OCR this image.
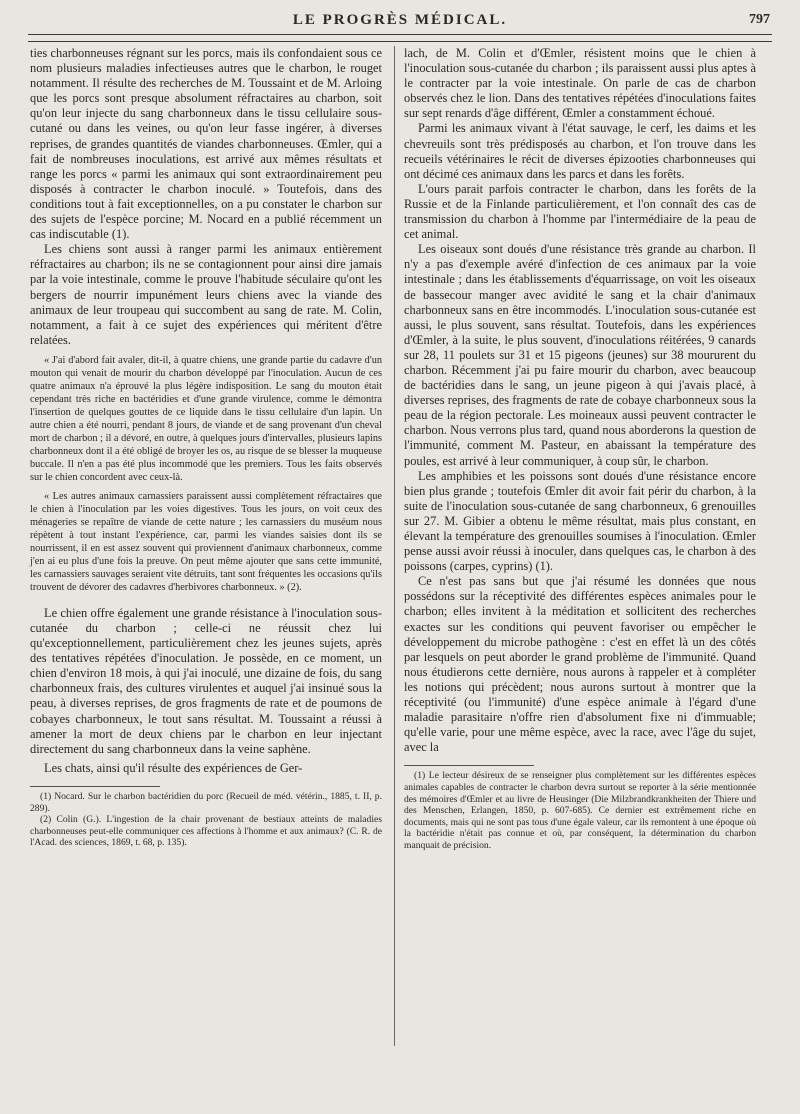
LE PROGRÈS MÉDICAL.	797

ties charbonneuses régnant sur les porcs, mais ils confondaient sous ce nom plusieurs maladies infectieuses autres que le charbon, le rouget notamment. Il résulte des recherches de M. Toussaint et de M. Arloing que les porcs sont presque absolument réfractaires au charbon, soit qu'on leur injecte du sang charbonneux dans le tissu cellulaire sous-cutané ou dans les veines, ou qu'on leur fasse ingérer, à diverses reprises, de grandes quantités de viandes charbonneuses. Œmler, qui a fait de nombreuses inoculations, est arrivé aux mêmes résultats et range les porcs « parmi les animaux qui sont extraordinairement peu disposés à contracter le charbon inoculé. » Toutefois, dans des conditions tout à fait exceptionnelles, on a pu constater le charbon sur des sujets de l'espèce porcine; M. Nocard en a publié récemment un cas indiscutable (1).

Les chiens sont aussi à ranger parmi les animaux entièrement réfractaires au charbon; ils ne se contagionnent pour ainsi dire jamais par la voie intestinale, comme le prouve l'habitude séculaire qu'ont les bergers de nourrir impunément leurs chiens avec la viande des animaux de leur troupeau qui succombent au sang de rate. M. Colin, notamment, a fait à ce sujet des expériences qui méritent d'être relatées.

« J'ai d'abord fait avaler, dit-il, à quatre chiens, une grande partie du cadavre d'un mouton qui venait de mourir du charbon développé par l'inoculation. Aucun de ces quatre animaux n'a éprouvé la plus légère indisposition. Le sang du mouton était cependant très riche en bactéridies et d'une grande virulence, comme le démontra l'insertion de quelques gouttes de ce liquide dans le tissu cellulaire d'un lapin. Un autre chien a été nourri, pendant 8 jours, de viande et de sang provenant d'un cheval mort de charbon ; il a dévoré, en outre, à quelques jours d'intervalles, plusieurs lapins charbonneux dont il a été obligé de broyer les os, au risque de se blesser la muqueuse buccale. Il n'en a pas été plus incommodé que les premiers. Tous les faits observés sur le chien concordent avec ceux-là.

« Les autres animaux carnassiers paraissent aussi complètement réfractaires que le chien à l'inoculation par les voies digestives. Tous les jours, on voit ceux des ménageries se repaître de viande de cette nature ; les carnassiers du muséum nous répètent à tout instant l'expérience, car, parmi les viandes saisies dont ils se nourrissent, il en est assez souvent qui proviennent d'animaux charbonneux, comme j'en ai eu plus d'une fois la preuve. On peut même ajouter que sans cette immunité, les carnassiers sauvages seraient vite détruits, tant sont fréquentes les occasions qu'ils trouvent de dévorer des cadavres d'herbivores charbonneux. » (2).

Le chien offre également une grande résistance à l'inoculation sous-cutanée du charbon ; celle-ci ne réussit chez lui qu'exceptionnellement, particulièrement chez les jeunes sujets, après des tentatives répétées d'inoculation. Je possède, en ce moment, un chien d'environ 18 mois, à qui j'ai inoculé, une dizaine de fois, du sang charbonneux frais, des cultures virulentes et auquel j'ai insinué sous la peau, à diverses reprises, de gros fragments de rate et de poumons de cobayes charbonneux, le tout sans résultat. M. Toussaint a réussi à amener la mort de deux chiens par le charbon en leur injectant directement du sang charbonneux dans la veine saphène.

Les chats, ainsi qu'il résulte des expériences de Ger-

(1) Nocard. Sur le charbon bactéridien du porc (Recueil de méd. vétérin., 1885, t. II, p. 289).

(2) Colin (G.). L'ingestion de la chair provenant de bestiaux atteints de maladies charbonneuses peut-elle communiquer ces affections à l'homme et aux animaux? (C. R. de l'Acad. des sciences, 1869, t. 68, p. 135).

lach, de M. Colin et d'Œmler, résistent moins que le chien à l'inoculation sous-cutanée du charbon ; ils paraissent aussi plus aptes à le contracter par la voie intestinale. On parle de cas de charbon observés chez le lion. Dans des tentatives répétées d'inoculations faites sur sept renards d'âge différent, Œmler a constamment échoué.

Parmi les animaux vivant à l'état sauvage, le cerf, les daims et les chevreuils sont très prédisposés au charbon, et l'on trouve dans les recueils vétérinaires le récit de diverses épizooties charbonneuses qui ont décimé ces animaux dans les parcs et dans les forêts.

L'ours parait parfois contracter le charbon, dans les forêts de la Russie et de la Finlande particulièrement, et l'on connaît des cas de transmission du charbon à l'homme par l'intermédiaire de la peau de cet animal.

Les oiseaux sont doués d'une résistance très grande au charbon. Il n'y a pas d'exemple avéré d'infection de ces animaux par la voie intestinale ; dans les établissements d'équarrissage, on voit les oiseaux de bassecour manger avec avidité le sang et la chair d'animaux charbonneux sans en être incommodés. L'inoculation sous-cutanée est aussi, le plus souvent, sans résultat. Toutefois, dans les expériences d'Œmler, à la suite, le plus souvent, d'inoculations réitérées, 9 canards sur 28, 11 poulets sur 31 et 15 pigeons (jeunes) sur 38 moururent du charbon. Récemment j'ai pu faire mourir du charbon, avec beaucoup de bactéridies dans le sang, un jeune pigeon à qui j'avais placé, à diverses reprises, des fragments de rate de cobaye charbonneux sous la peau de la région pectorale. Les moineaux aussi peuvent contracter le charbon. Nous verrons plus tard, quand nous aborderons la question de l'immunité, comment M. Pasteur, en abaissant la température des poules, est arrivé à leur communiquer, à coup sûr, le charbon.

Les amphibies et les poissons sont doués d'une résistance encore bien plus grande ; toutefois Œmler dit avoir fait périr du charbon, à la suite de l'inoculation sous-cutanée de sang charbonneux, 6 grenouilles sur 27. M. Gibier a obtenu le même résultat, mais plus constant, en élevant la température des grenouilles soumises à l'inoculation. Œmler pense aussi avoir réussi à inoculer, dans quelques cas, le charbon à des poissons (carpes, cyprins) (1).

Ce n'est pas sans but que j'ai résumé les données que nous possédons sur la réceptivité des différentes espèces animales pour le charbon; elles invitent à la méditation et sollicitent des recherches exactes sur les conditions qui peuvent favoriser ou empêcher le développement du microbe pathogène : c'est en effet là un des côtés par lesquels on peut aborder le grand problème de l'immunité. Quand nous étudierons cette dernière, nous aurons à rappeler et à compléter les notions qui précèdent; nous aurons surtout à montrer que la réceptivité (ou l'immunité) d'une espèce animale à l'égard d'une maladie parasitaire n'offre rien d'absolument fixe ni d'immuable; qu'elle varie, pour une même espèce, avec la race, avec l'âge du sujet, avec la

(1) Le lecteur désireux de se renseigner plus complètement sur les différentes espèces animales capables de contracter le charbon devra surtout se reporter à la série mentionnée des mémoires d'Œmler et au livre de Heusinger (Die Milzbrandkrankheiten der Thiere und des Menschen, Erlangen, 1850, p. 607-685). Ce dernier est extrêmement riche en documents, mais qui ne sont pas tous d'une égale valeur, car ils remontent à une époque où la bactéridie n'était pas connue et où, par conséquent, la détermination du charbon manquait de précision.
